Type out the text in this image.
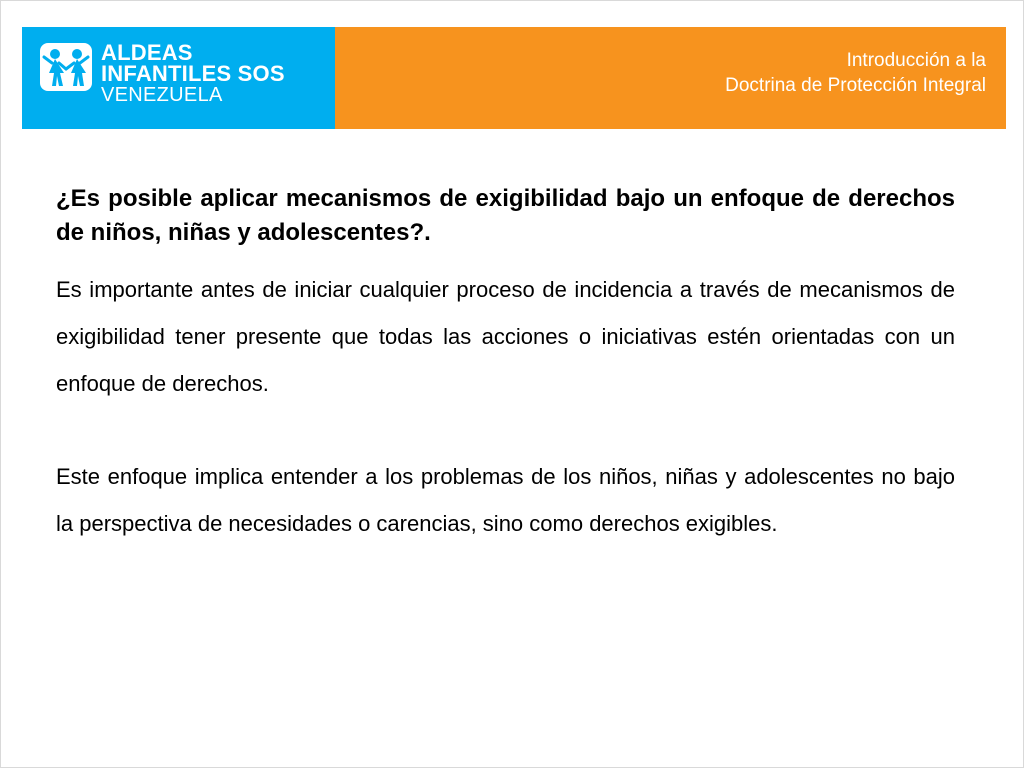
ALDEAS
INFANTILES SOS
VENEZUELA
Introducción a la
Doctrina de Protección Integral

¿Es posible aplicar mecanismos de exigibilidad bajo un enfoque de derechos de niños, niñas y adolescentes?.

Es importante antes de iniciar cualquier proceso de incidencia a través de mecanismos de exigibilidad tener presente que todas las acciones o iniciativas estén orientadas con un enfoque de derechos.

Este enfoque implica entender a los problemas de los niños, niñas y adolescentes no bajo la perspectiva de necesidades o carencias, sino como derechos exigibles.
